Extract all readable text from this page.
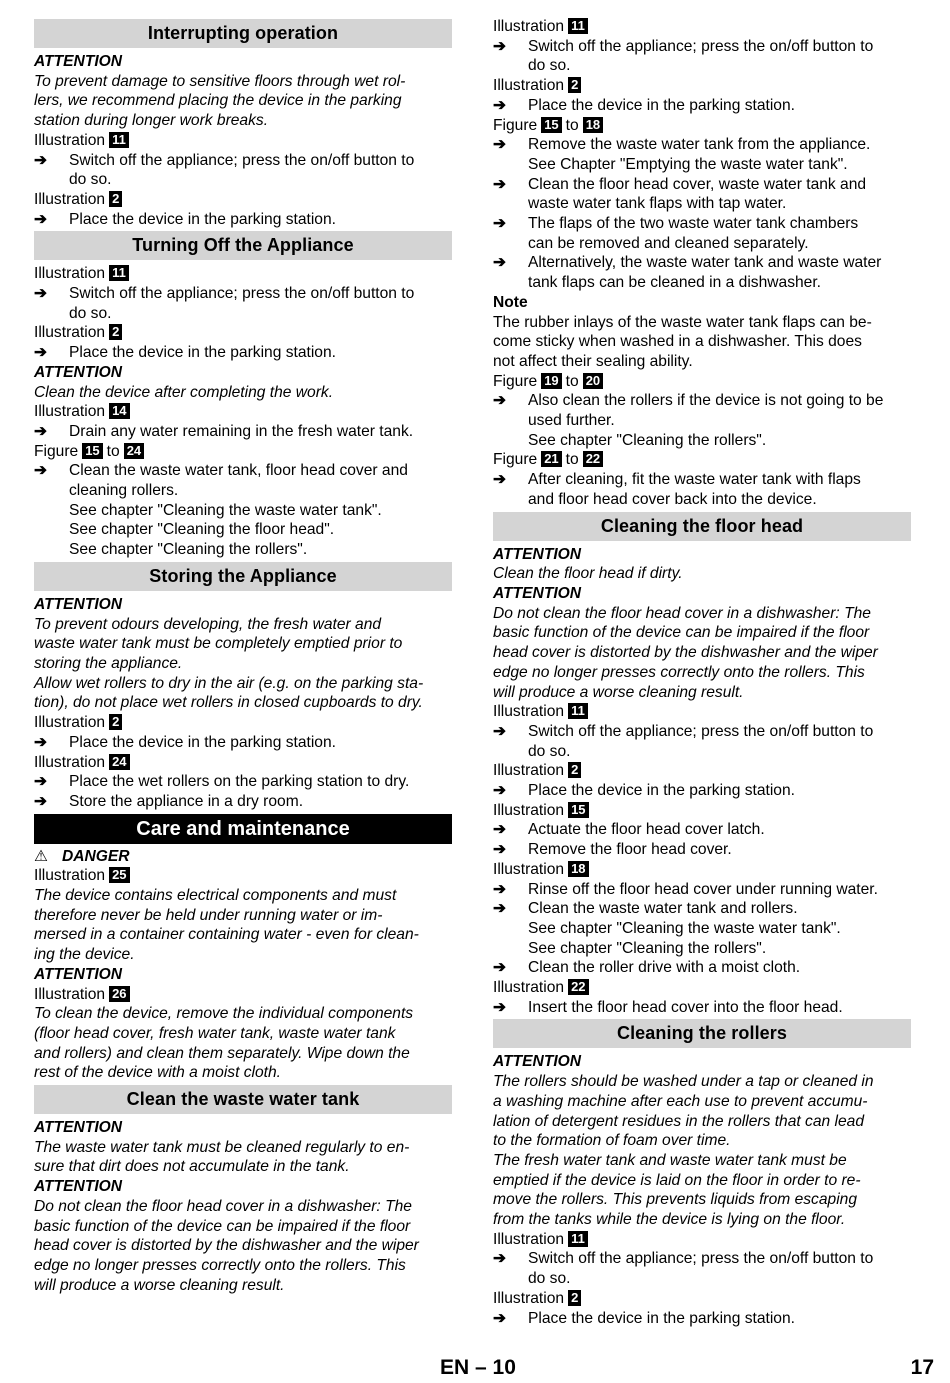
Interrupting operation
ATTENTION
To prevent damage to sensitive floors through wet rol-
lers, we recommend placing the device in the parking
station during longer work breaks.
Illustration 11
➔ Switch off the appliance; press the on/off button to
do so.
Illustration 2
➔ Place the device in the parking station.
Turning Off the Appliance
Illustration 11
➔ Switch off the appliance; press the on/off button to
do so.
Illustration 2
➔ Place the device in the parking station.
ATTENTION
Clean the device after completing the work.
Illustration 14
➔ Drain any water remaining in the fresh water tank.
Figure 15 to 24
➔ Clean the waste water tank, floor head cover and
cleaning rollers.
See chapter "Cleaning the waste water tank".
See chapter "Cleaning the floor head".
See chapter "Cleaning the rollers".
Storing the Appliance
ATTENTION
To prevent odours developing, the fresh water and
waste water tank must be completely emptied prior to
storing the appliance.
Allow wet rollers to dry in the air (e.g. on the parking sta-
tion), do not place wet rollers in closed cupboards to dry.
Illustration 2
➔ Place the device in the parking station.
Illustration 24
➔ Place the wet rollers on the parking station to dry.
➔ Store the appliance in a dry room.
Care and maintenance
⚠ DANGER
Illustration 25
The device contains electrical components and must
therefore never be held under running water or im-
mersed in a container containing water - even for clean-
ing the device.
ATTENTION
Illustration 26
To clean the device, remove the individual components
(floor head cover, fresh water tank, waste water tank
and rollers) and clean them separately. Wipe down the
rest of the device with a moist cloth.
Clean the waste water tank
ATTENTION
The waste water tank must be cleaned regularly to en-
sure that dirt does not accumulate in the tank.
ATTENTION
Do not clean the floor head cover in a dishwasher: The
basic function of the device can be impaired if the floor
head cover is distorted by the dishwasher and the wiper
edge no longer presses correctly onto the rollers. This
will produce a worse cleaning result.
Illustration 11
➔ Switch off the appliance; press the on/off button to
do so.
Illustration 2
➔ Place the device in the parking station.
Figure 15 to 18
➔ Remove the waste water tank from the appliance.
See Chapter "Emptying the waste water tank".
➔ Clean the floor head cover, waste water tank and
waste water tank flaps with tap water.
➔ The flaps of the two waste water tank chambers
can be removed and cleaned separately.
➔ Alternatively, the waste water tank and waste water
tank flaps can be cleaned in a dishwasher.
Note
The rubber inlays of the waste water tank flaps can be-
come sticky when washed in a dishwasher. This does
not affect their sealing ability.
Figure 19 to 20
➔ Also clean the rollers if the device is not going to be
used further.
See chapter "Cleaning the rollers".
Figure 21 to 22
➔ After cleaning, fit the waste water tank with flaps
and floor head cover back into the device.
Cleaning the floor head
ATTENTION
Clean the floor head if dirty.
ATTENTION
Do not clean the floor head cover in a dishwasher: The
basic function of the device can be impaired if the floor
head cover is distorted by the dishwasher and the wiper
edge no longer presses correctly onto the rollers. This
will produce a worse cleaning result.
Illustration 11
➔ Switch off the appliance; press the on/off button to
do so.
Illustration 2
➔ Place the device in the parking station.
Illustration 15
➔ Actuate the floor head cover latch.
➔ Remove the floor head cover.
Illustration 18
➔ Rinse off the floor head cover under running water.
➔ Clean the waste water tank and rollers.
See chapter "Cleaning the waste water tank".
See chapter "Cleaning the rollers".
➔ Clean the roller drive with a moist cloth.
Illustration 22
➔ Insert the floor head cover into the floor head.
Cleaning the rollers
ATTENTION
The rollers should be washed under a tap or cleaned in
a washing machine after each use to prevent accumu-
lation of detergent residues in the rollers that can lead
to the formation of foam over time.
The fresh water tank and waste water tank must be
emptied if the device is laid on the floor in order to re-
move the rollers. This prevents liquids from escaping
from the tanks while the device is lying on the floor.
Illustration 11
➔ Switch off the appliance; press the on/off button to
do so.
Illustration 2
➔ Place the device in the parking station.
EN – 10	17
